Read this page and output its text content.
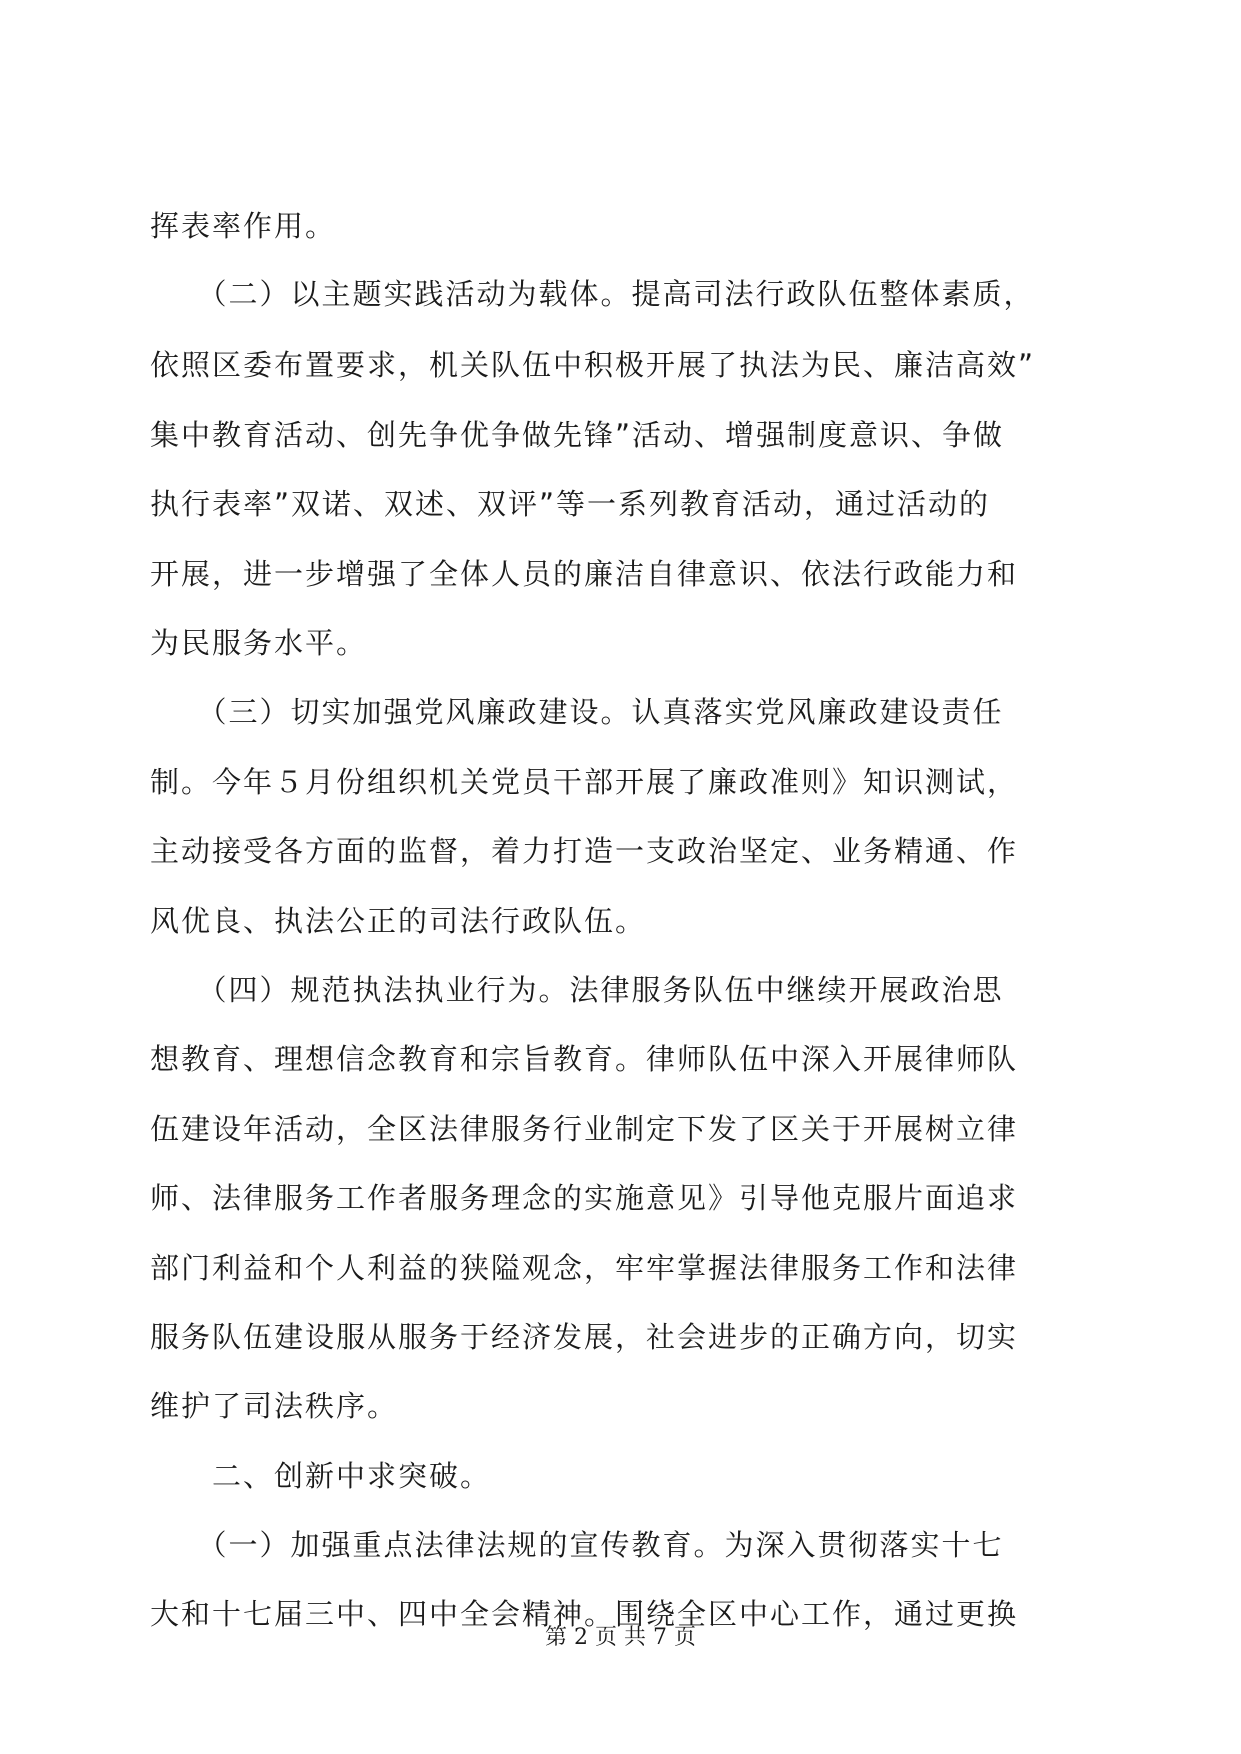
挥表率作用。
　　（二）以主题实践活动为载体。提高司法行政队伍整体素质，
依照区委布置要求，机关队伍中积极开展了执法为民、廉洁高效”
集中教育活动、创先争优争做先锋”活动、增强制度意识、争做
执行表率”双诺、双述、双评”等一系列教育活动，通过活动的
开展，进一步增强了全体人员的廉洁自律意识、依法行政能力和
为民服务水平。
　　（三）切实加强党风廉政建设。认真落实党风廉政建设责任
制。今年５月份组织机关党员干部开展了廉政准则》知识测试，
主动接受各方面的监督，着力打造一支政治坚定、业务精通、作
风优良、执法公正的司法行政队伍。
　　（四）规范执法执业行为。法律服务队伍中继续开展政治思
想教育、理想信念教育和宗旨教育。律师队伍中深入开展律师队
伍建设年活动，全区法律服务行业制定下发了区关于开展树立律
师、法律服务工作者服务理念的实施意见》引导他克服片面追求
部门利益和个人利益的狭隘观念，牢牢掌握法律服务工作和法律
服务队伍建设服从服务于经济发展，社会进步的正确方向，切实
维护了司法秩序。
　　二、创新中求突破。
　　（一）加强重点法律法规的宣传教育。为深入贯彻落实十七
大和十七届三中、四中全会精神。围绕全区中心工作，通过更换
第 2 页 共 7 页
